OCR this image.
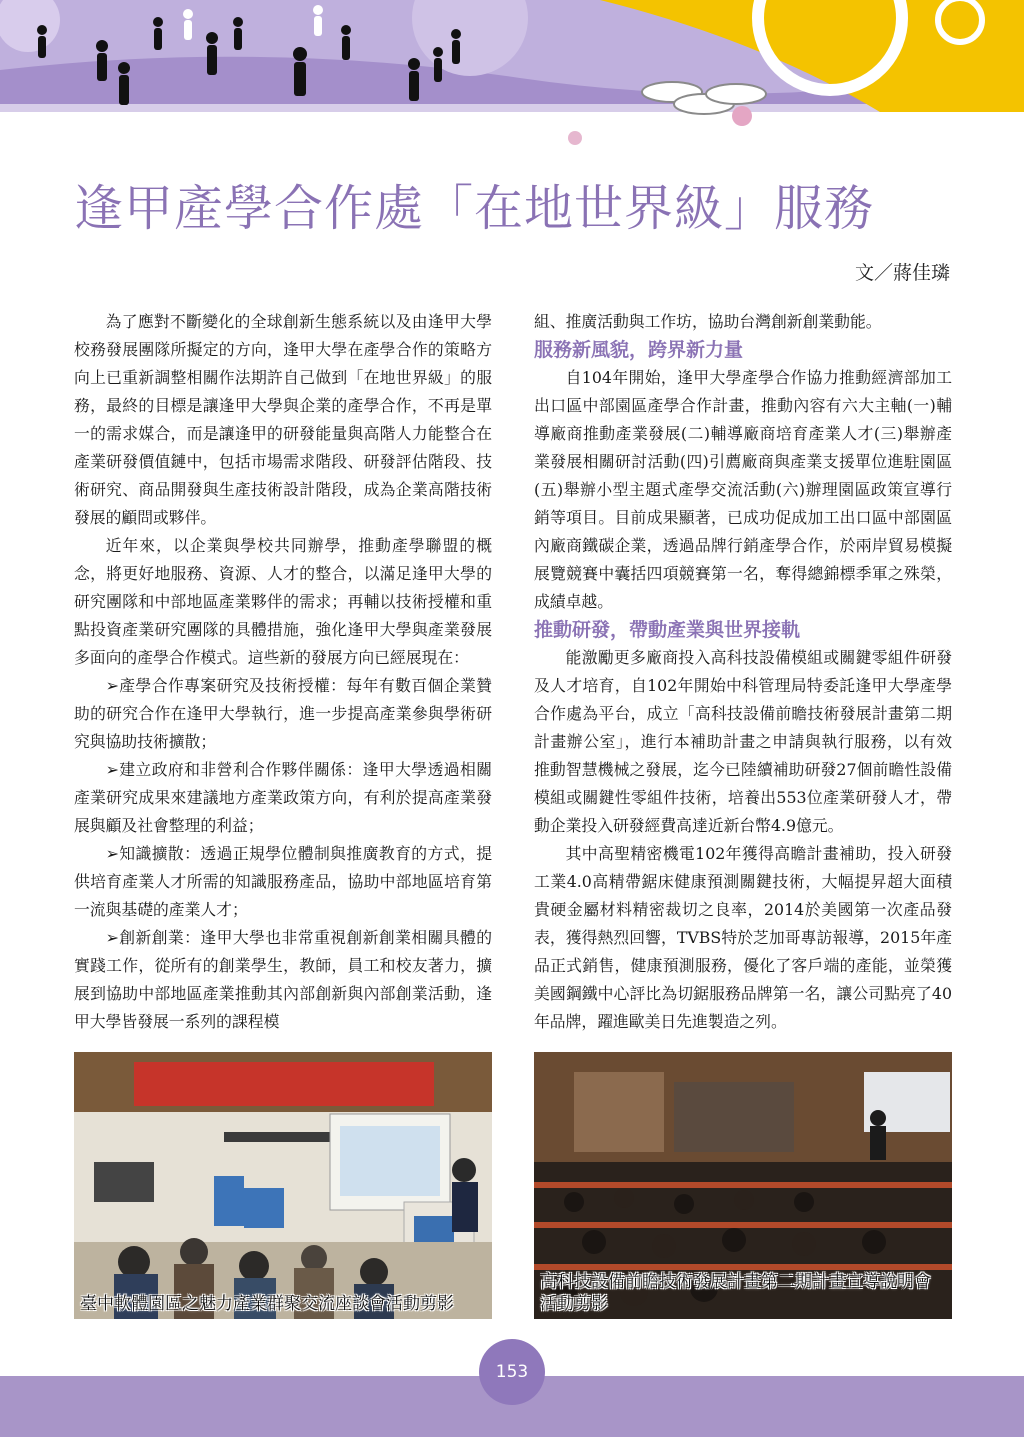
逢甲產學合作處「在地世界級」服務
文／蔣佳璘

為了應對不斷變化的全球創新生態系統以及由逢甲大學校務發展團隊所擬定的方向，逢甲大學在產學合作的策略方向上已重新調整相關作法期許自己做到「在地世界級」的服務，最終的目標是讓逢甲大學與企業的產學合作，不再是單一的需求媒合，而是讓逢甲的研發能量與高階人力能整合在產業研發價值鏈中，包括市場需求階段、研發評估階段、技術研究、商品開發與生產技術設計階段，成為企業高階技術發展的顧問或夥伴。

近年來，以企業與學校共同辦學，推動產學聯盟的概念，將更好地服務、資源、人才的整合，以滿足逢甲大學的研究團隊和中部地區產業夥伴的需求；再輔以技術授權和重點投資產業研究團隊的具體措施，強化逢甲大學與產業發展多面向的產學合作模式。這些新的發展方向已經展現在：

➢產學合作專案研究及技術授權：每年有數百個企業贊助的研究合作在逢甲大學執行，進一步提高產業參與學術研究與協助技術擴散；

➢建立政府和非營利合作夥伴關係：逢甲大學透過相關產業研究成果來建議地方產業政策方向，有利於提高產業發展與顧及社會整理的利益；

➢知識擴散：透過正規學位體制與推廣教育的方式，提供培育產業人才所需的知識服務產品，協助中部地區培育第一流與基礎的產業人才；

➢創新創業：逢甲大學也非常重視創新創業相關具體的實踐工作，從所有的創業學生，教師，員工和校友著力，擴展到協助中部地區產業推動其內部創新與內部創業活動，逢甲大學皆發展一系列的課程模

組、推廣活動與工作坊，協助台灣創新創業動能。

服務新風貌，跨界新力量

自104年開始，逢甲大學產學合作協力推動經濟部加工出口區中部園區產學合作計畫，推動內容有六大主軸(一)輔導廠商推動產業發展(二)輔導廠商培育產業人才(三)舉辦產業發展相關研討活動(四)引薦廠商與產業支援單位進駐園區(五)舉辦小型主題式產學交流活動(六)辦理園區政策宣導行銷等項目。目前成果顯著，已成功促成加工出口區中部園區內廠商鐵碳企業，透過品牌行銷產學合作，於兩岸貿易模擬展覽競賽中囊括四項競賽第一名，奪得總錦標季軍之殊榮，成績卓越。

推動研發，帶動產業與世界接軌

能激勵更多廠商投入高科技設備模組或關鍵零組件研發及人才培育，自102年開始中科管理局特委託逢甲大學產學合作處為平台，成立「高科技設備前瞻技術發展計畫第二期計畫辦公室」，進行本補助計畫之申請與執行服務，以有效推動智慧機械之發展，迄今已陸續補助研發27個前瞻性設備模組或關鍵性零組件技術，培養出553位產業研發人才，帶動企業投入研發經費高達近新台幣4.9億元。

其中高聖精密機電102年獲得高瞻計畫補助，投入研發工業4.0高精帶鋸床健康預測關鍵技術，大幅提昇超大面積貴硬金屬材料精密裁切之良率，2014於美國第一次產品發表，獲得熱烈回響，TVBS特於芝加哥專訪報導，2015年產品正式銷售，健康預測服務，優化了客戶端的產能，並榮獲美國鋼鐵中心評比為切鋸服務品牌第一名，讓公司點亮了40年品牌，躍進歐美日先進製造之列。

臺中軟體園區之魅力產業群聚交流座談會活動剪影
高科技設備前瞻技術發展計畫第二期計畫宣導說明會活動剪影
153
